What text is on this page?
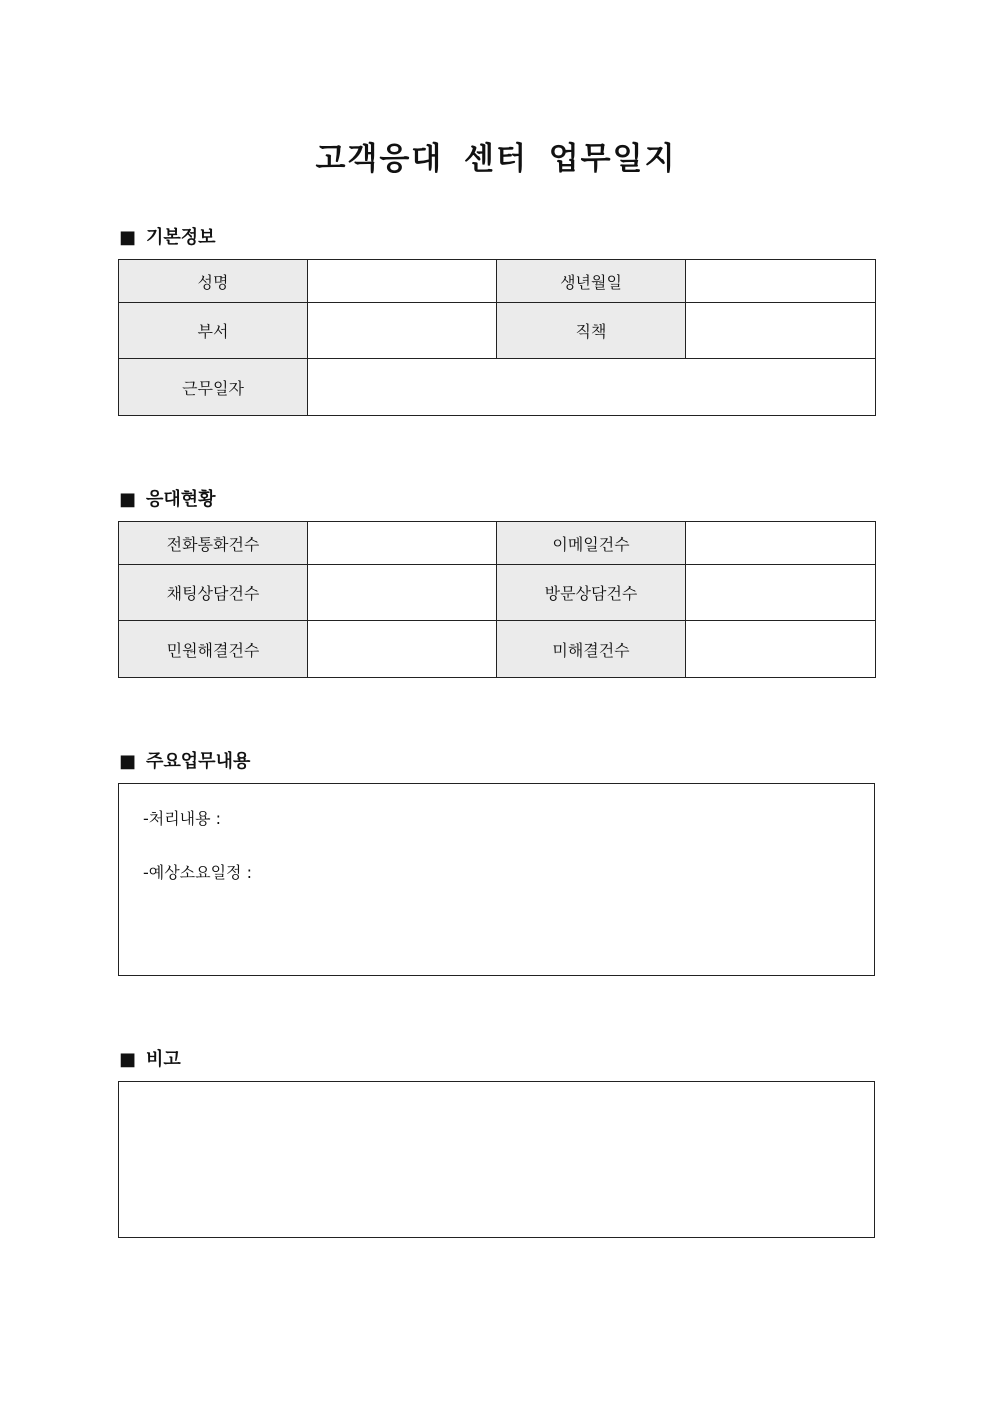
고객응대 센터 업무일지
■ 기본정보
성명		생년월일	
부서		직책	
근무일자			
■ 응대현황
전화통화건수		이메일건수	
채팅상담건수		방문상담건수	
민원해결건수		미해결건수	
■ 주요업무내용
-처리내용 :
-예상소요일정 :
■ 비고
